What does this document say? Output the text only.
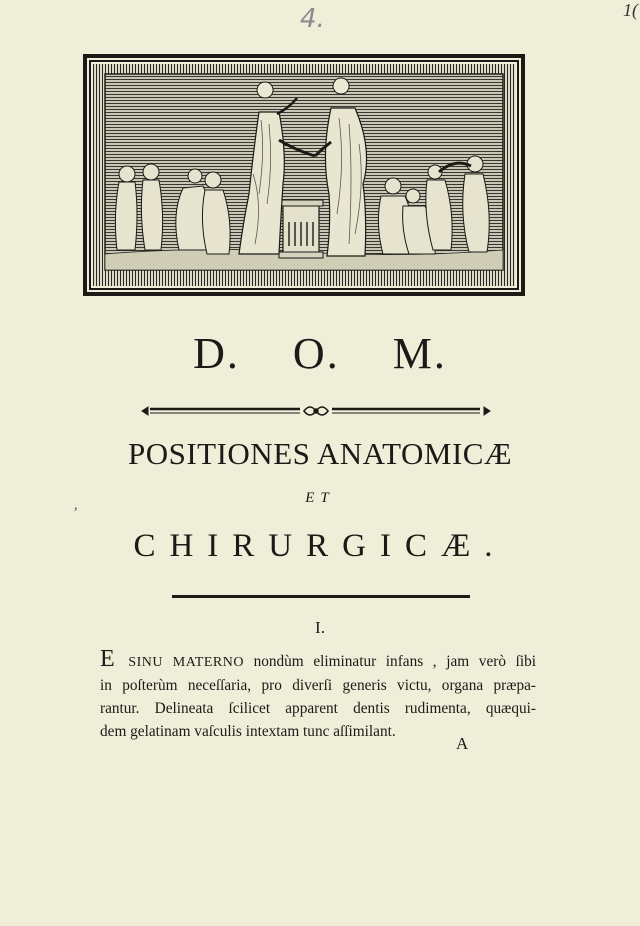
4.	1(
D. O. M.
POSITIONES ANATOMICÆ
ET
,
CHIRURGICÆ.
I.
E SINU MATERNO nondùm eliminatur infans , jam verò ſibi
in poſterùm neceſſaria, pro diverſi generis victu, organa præpa-
rantur. Delineata ſcilicet apparent dentis rudimenta, quæqui-
dem gelatinam vaſculis intextam tunc aſſimilant.
A
